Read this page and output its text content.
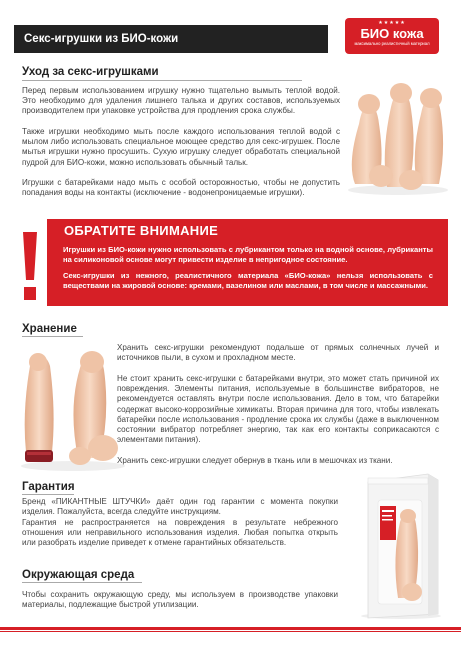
Секс-игрушки из БИО-кожи
★★★★★
БИО кожа
максимально реалистичный материал
Уход за секс-игрушками

Перед первым использованием игрушку нужно тщательно вымыть теплой водой. Это необходимо для удаления лишнего талька и других составов, используемых производителем при упаковке устройства для продления срока службы.

Также игрушки необходимо мыть после каждого использования теплой водой с мылом либо использовать специальное моющее средство для секс-игрушек. После мытья игрушки нужно просушить. Сухую игрушку следует обработать специальной пудрой для БИО-кожи, можно использовать обычный тальк.

Игрушки с батарейками надо мыть с особой осторожностью, чтобы не допустить попадания воды на контакты (исключение - водонепроницаемые игрушки).

ОБРАТИТЕ ВНИМАНИЕ

Игрушки из БИО-кожи нужно использовать с лубрикантом только на водной основе, лубриканты на силиконовой основе могут привести изделие в непригодное состояние.

Секс-игрушки из нежного, реалистичного материала «БИО-кожа» нельзя использовать с веществами на жировой основе: кремами, вазелином или маслами, в том числе и массажными.

Хранение

Хранить секс-игрушки рекомендуют подальше от прямых солнечных лучей и источников пыли, в сухом и прохладном месте.

Не стоит хранить секс-игрушки с батарейками внутри, это может стать причиной их повреждения. Элементы питания, используемые в большинстве вибраторов, не рекомендуется оставлять внутри после использования. Дело в том, что батарейки содержат высоко-коррозийные химикаты. Вторая причина для того, чтобы извлекать батарейки после использования - продление срока их службы (даже в выключенном состоянии вибратор потребляет энергию, так как его контакты соприкасаются с элементами питания).

Хранить секс-игрушки следует обернув в ткань или в мешочках из ткани.

Гарантия

Бренд «ПИКАНТНЫЕ ШТУЧКИ» даёт один год гарантии с момента покупки изделия. Пожалуйста, всегда следуйте инструкциям.

Гарантия не распространяется на повреждения в результате небрежного отношения или неправильного использования изделия. Любая попытка открыть или разобрать изделие приведет к отмене гарантийных обязательств.

Окружающая среда

Чтобы сохранить окружающую среду, мы используем в производстве упаковки материалы, подлежащие быстрой утилизации.
